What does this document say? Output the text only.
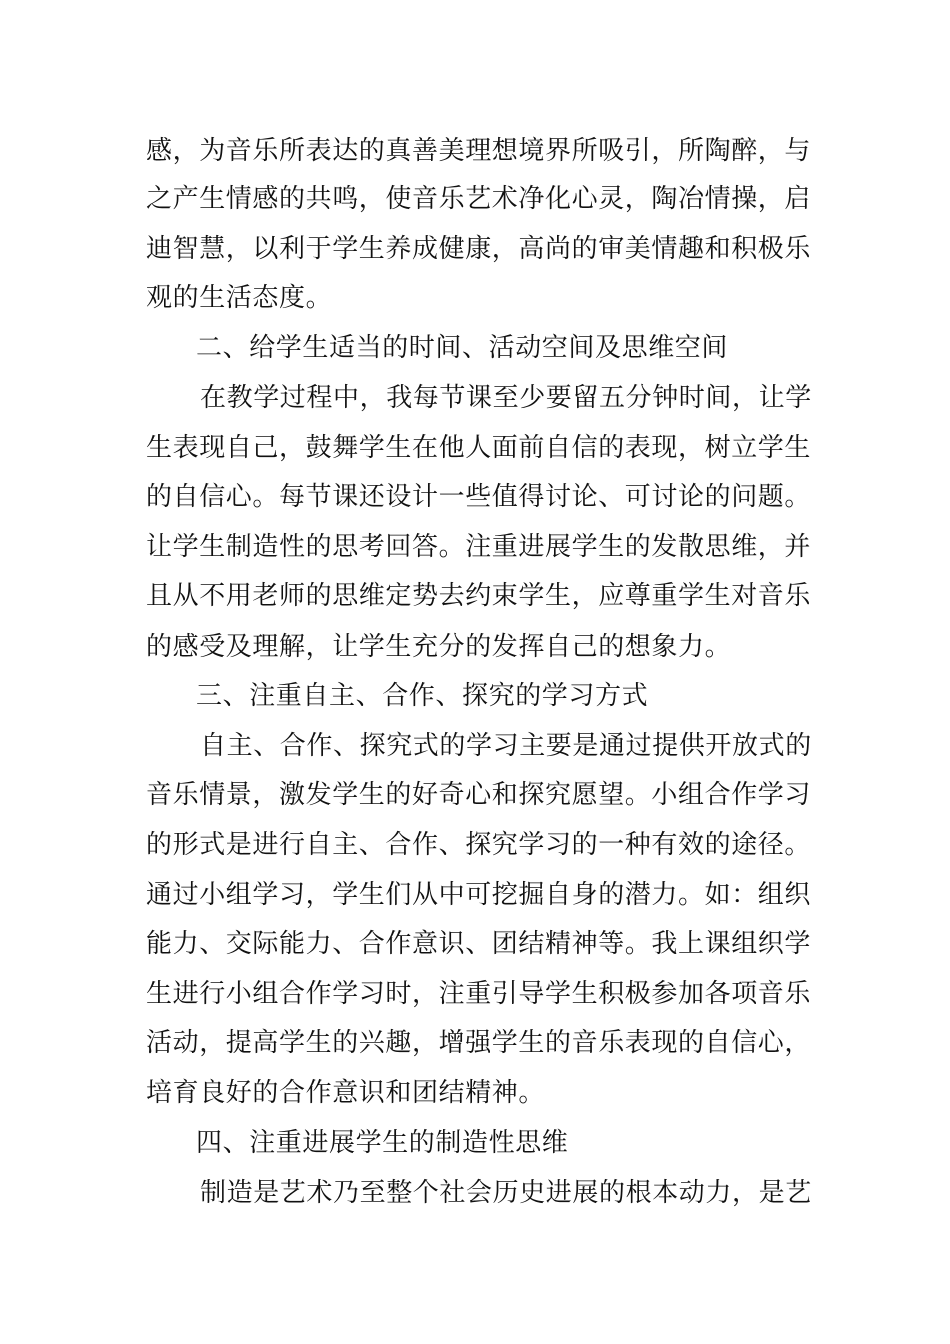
感，为音乐所表达的真善美理想境界所吸引，所陶醉，与
之产生情感的共鸣，使音乐艺术净化心灵，陶冶情操，启
迪智慧，以利于学生养成健康，高尚的审美情趣和积极乐
观的生活态度。
二、给学生适当的时间、活动空间及思维空间
在教学过程中，我每节课至少要留五分钟时间，让学
生表现自己，鼓舞学生在他人面前自信的表现，树立学生
的自信心。每节课还设计一些值得讨论、可讨论的问题。
让学生制造性的思考回答。注重进展学生的发散思维，并
且从不用老师的思维定势去约束学生，应尊重学生对音乐
的感受及理解，让学生充分的发挥自己的想象力。
三、注重自主、合作、探究的学习方式
自主、合作、探究式的学习主要是通过提供开放式的
音乐情景，激发学生的好奇心和探究愿望。小组合作学习
的形式是进行自主、合作、探究学习的一种有效的途径。
通过小组学习，学生们从中可挖掘自身的潜力。如：组织
能力、交际能力、合作意识、团结精神等。我上课组织学
生进行小组合作学习时，注重引导学生积极参加各项音乐
活动，提高学生的兴趣，增强学生的音乐表现的自信心，
培育良好的合作意识和团结精神。
四、注重进展学生的制造性思维
制造是艺术乃至整个社会历史进展的根本动力，是艺
